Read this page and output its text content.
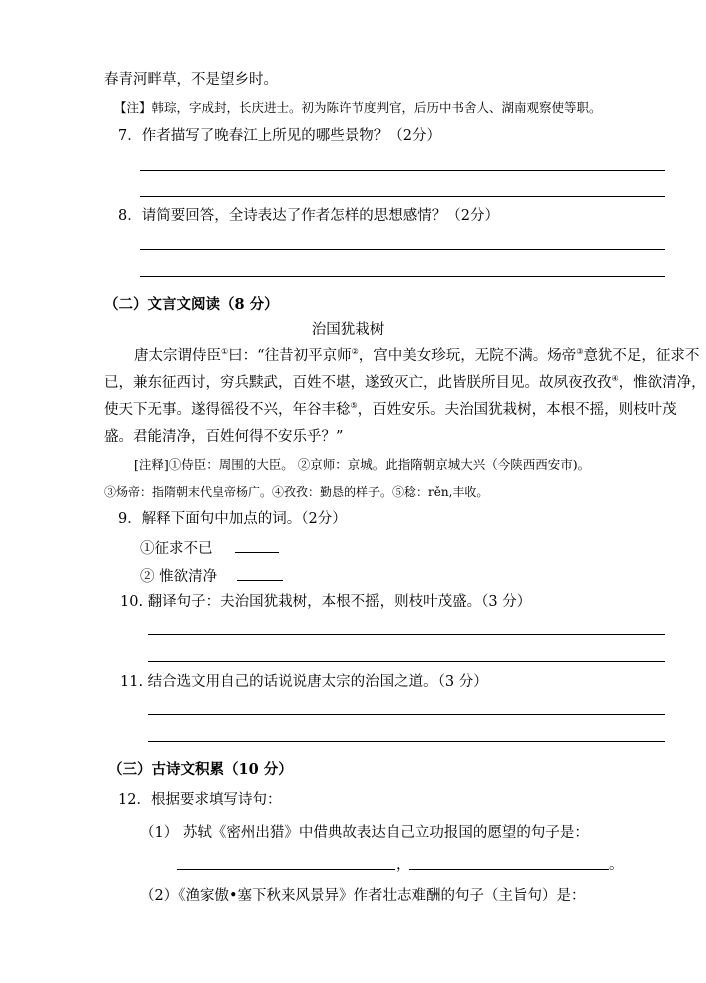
春青河畔草，不是望乡时。
【注】韩琮，字成封，长庆进士。初为陈许节度判官，后历中书舍人、湖南观察使等职。
7．作者描写了晚春江上所见的哪些景物？（2分）
8．请简要回答，全诗表达了作者怎样的思想感情？（2分）
（二）文言文阅读（8 分）
治国犹栽树
唐太宗谓侍臣①曰：“往昔初平京师②，宫中美女珍玩，无院不满。炀帝③意犹不足，征求不
已，兼东征西讨，穷兵黩武，百姓不堪，遂致灭亡，此皆朕所目见。故夙夜孜孜④，惟欲清净，
使天下无事。遂得徭役不兴，年谷丰稔⑤，百姓安乐。夫治国犹栽树，本根不摇，则枝叶茂
盛。君能清净，百姓何得不安乐乎？”
[注释]①侍臣：周围的大臣。 ②京师：京城。此指隋朝京城大兴（今陕西西安市)。
③炀帝：指隋朝末代皇帝杨广。④孜孜：勤恳的样子。⑤稔：rěn,丰收。
9．解释下面句中加点的词。（2分）
①征求不已
② 惟欲清净
10. 翻译句子：夫治国犹栽树，本根不摇，则枝叶茂盛。（3 分）
11. 结合选文用自己的话说说唐太宗的治国之道。（3 分）
（三）古诗文积累（10 分）
12．根据要求填写诗句：
（1） 苏轼《密州出猎》中借典故表达自己立功报国的愿望的句子是：
，	。
（2）《渔家傲•塞下秋来风景异》作者壮志难酬的句子（主旨句）是：
